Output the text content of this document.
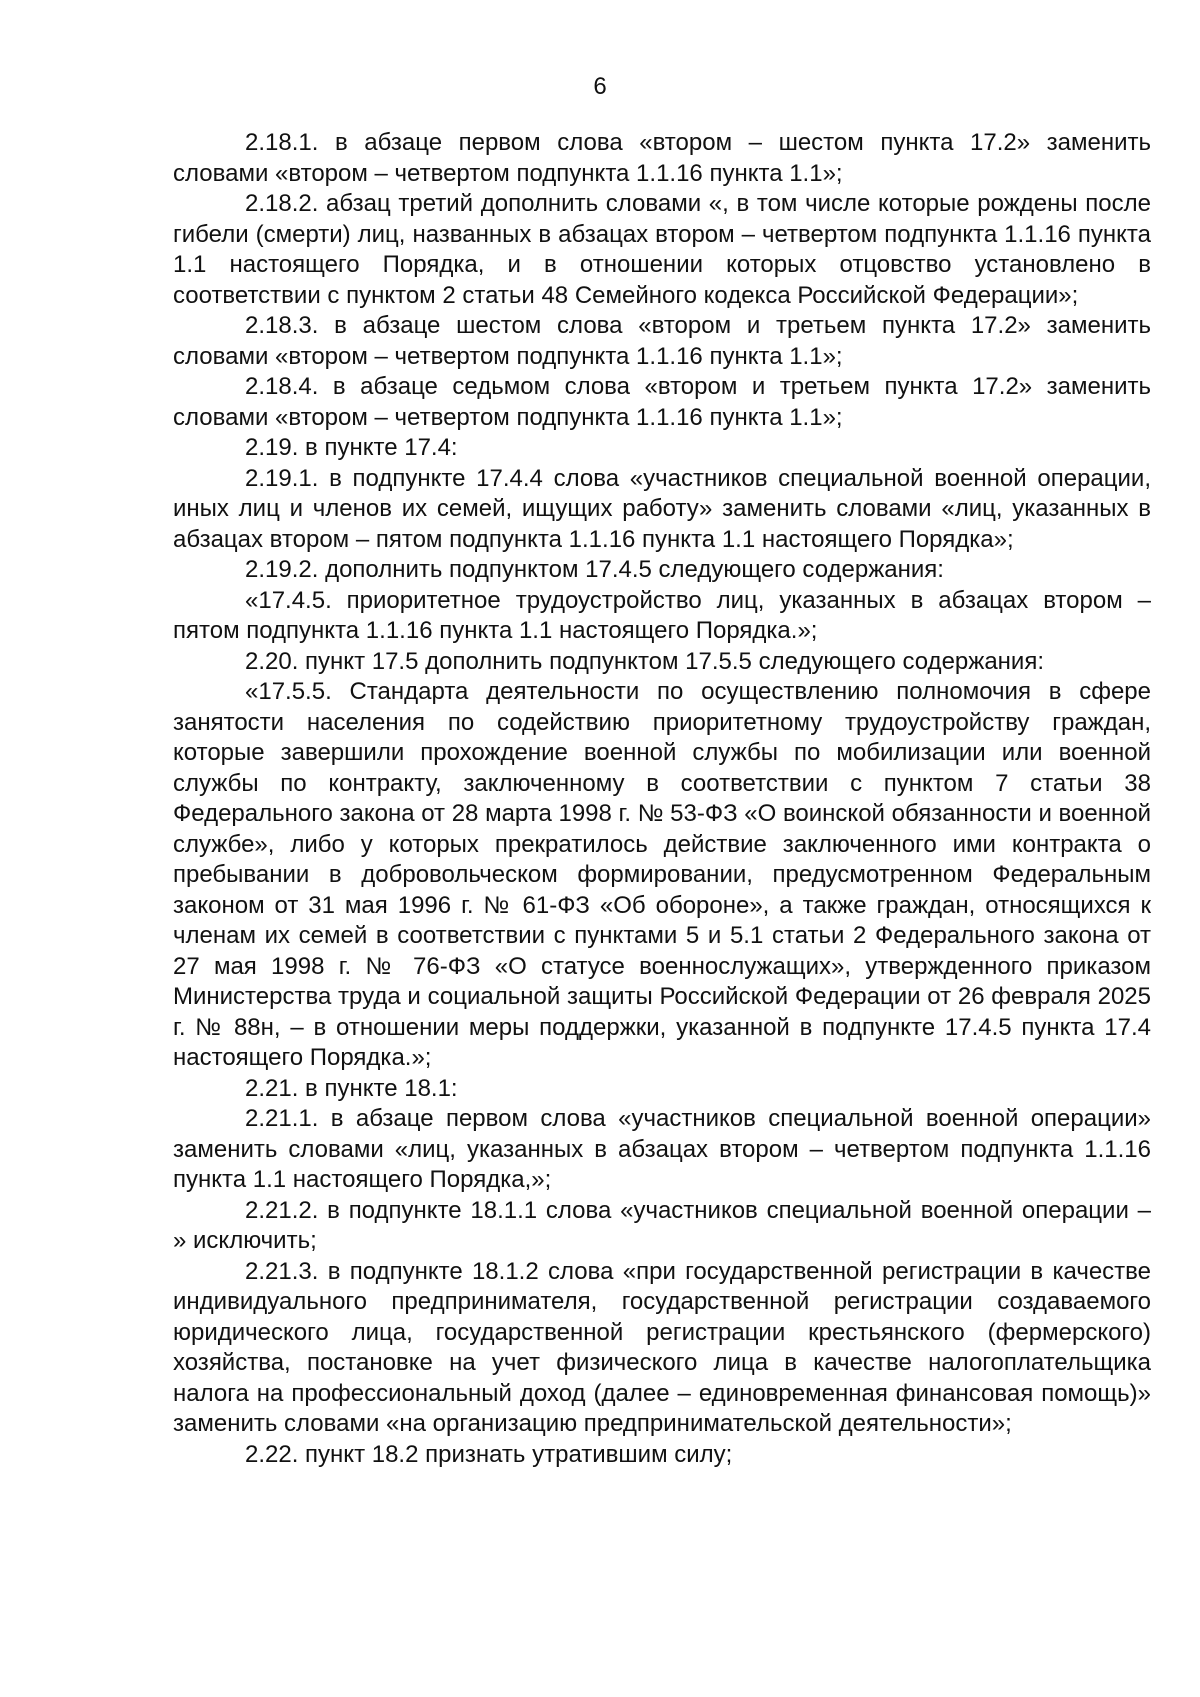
6

2.18.1. в абзаце первом слова «втором – шестом пункта 17.2» заменить словами «втором – четвертом подпункта 1.1.16 пункта 1.1»;

2.18.2. абзац третий дополнить словами «, в том числе которые рождены после гибели (смерти) лиц, названных в абзацах втором – четвертом подпункта 1.1.16 пункта 1.1 настоящего Порядка, и в отношении которых отцовство установлено в соответствии с пунктом 2 статьи 48 Семейного кодекса Российской Федерации»;

2.18.3. в абзаце шестом слова «втором и третьем пункта 17.2» заменить словами «втором – четвертом подпункта 1.1.16 пункта 1.1»;

2.18.4. в абзаце седьмом слова «втором и третьем пункта 17.2» заменить словами «втором – четвертом подпункта 1.1.16 пункта 1.1»;

2.19. в пункте 17.4:

2.19.1. в подпункте 17.4.4 слова «участников специальной военной операции, иных лиц и членов их семей, ищущих работу» заменить словами «лиц, указанных в абзацах втором – пятом подпункта 1.1.16 пункта 1.1 настоящего Порядка»;

2.19.2. дополнить подпунктом 17.4.5 следующего содержания:

«17.4.5. приоритетное трудоустройство лиц, указанных в абзацах втором – пятом подпункта 1.1.16 пункта 1.1 настоящего Порядка.»;

2.20. пункт 17.5 дополнить подпунктом 17.5.5 следующего содержания:

«17.5.5. Стандарта деятельности по осуществлению полномочия в сфере занятости населения по содействию приоритетному трудоустройству граждан, которые завершили прохождение военной службы по мобилизации или военной службы по контракту, заключенному в соответствии с пунктом 7 статьи 38 Федерального закона от 28 марта 1998 г. № 53-ФЗ «О воинской обязанности и военной службе», либо у которых прекратилось действие заключенного ими контракта о пребывании в добровольческом формировании, предусмотренном Федеральным законом от 31 мая 1996 г. № 61-ФЗ «Об обороне», а также граждан, относящихся к членам их семей в соответствии с пунктами 5 и 5.1 статьи 2 Федерального закона от 27 мая 1998 г. № 76-ФЗ «О статусе военнослужащих», утвержденного приказом Министерства труда и социальной защиты Российской Федерации от 26 февраля 2025 г. № 88н, – в отношении меры поддержки, указанной в подпункте 17.4.5 пункта 17.4 настоящего Порядка.»;

2.21. в пункте 18.1:

2.21.1. в абзаце первом слова «участников специальной военной операции» заменить словами «лиц, указанных в абзацах втором – четвертом подпункта 1.1.16 пункта 1.1 настоящего Порядка,»;

2.21.2. в подпункте 18.1.1 слова «участников специальной военной операции – » исключить;

2.21.3. в подпункте 18.1.2 слова «при государственной регистрации в качестве индивидуального предпринимателя, государственной регистрации создаваемого юридического лица, государственной регистрации крестьянского (фермерского) хозяйства, постановке на учет физического лица в качестве налогоплательщика налога на профессиональный доход (далее – единовременная финансовая помощь)» заменить словами «на организацию предпринимательской деятельности»;

2.22. пункт 18.2 признать утратившим силу;
